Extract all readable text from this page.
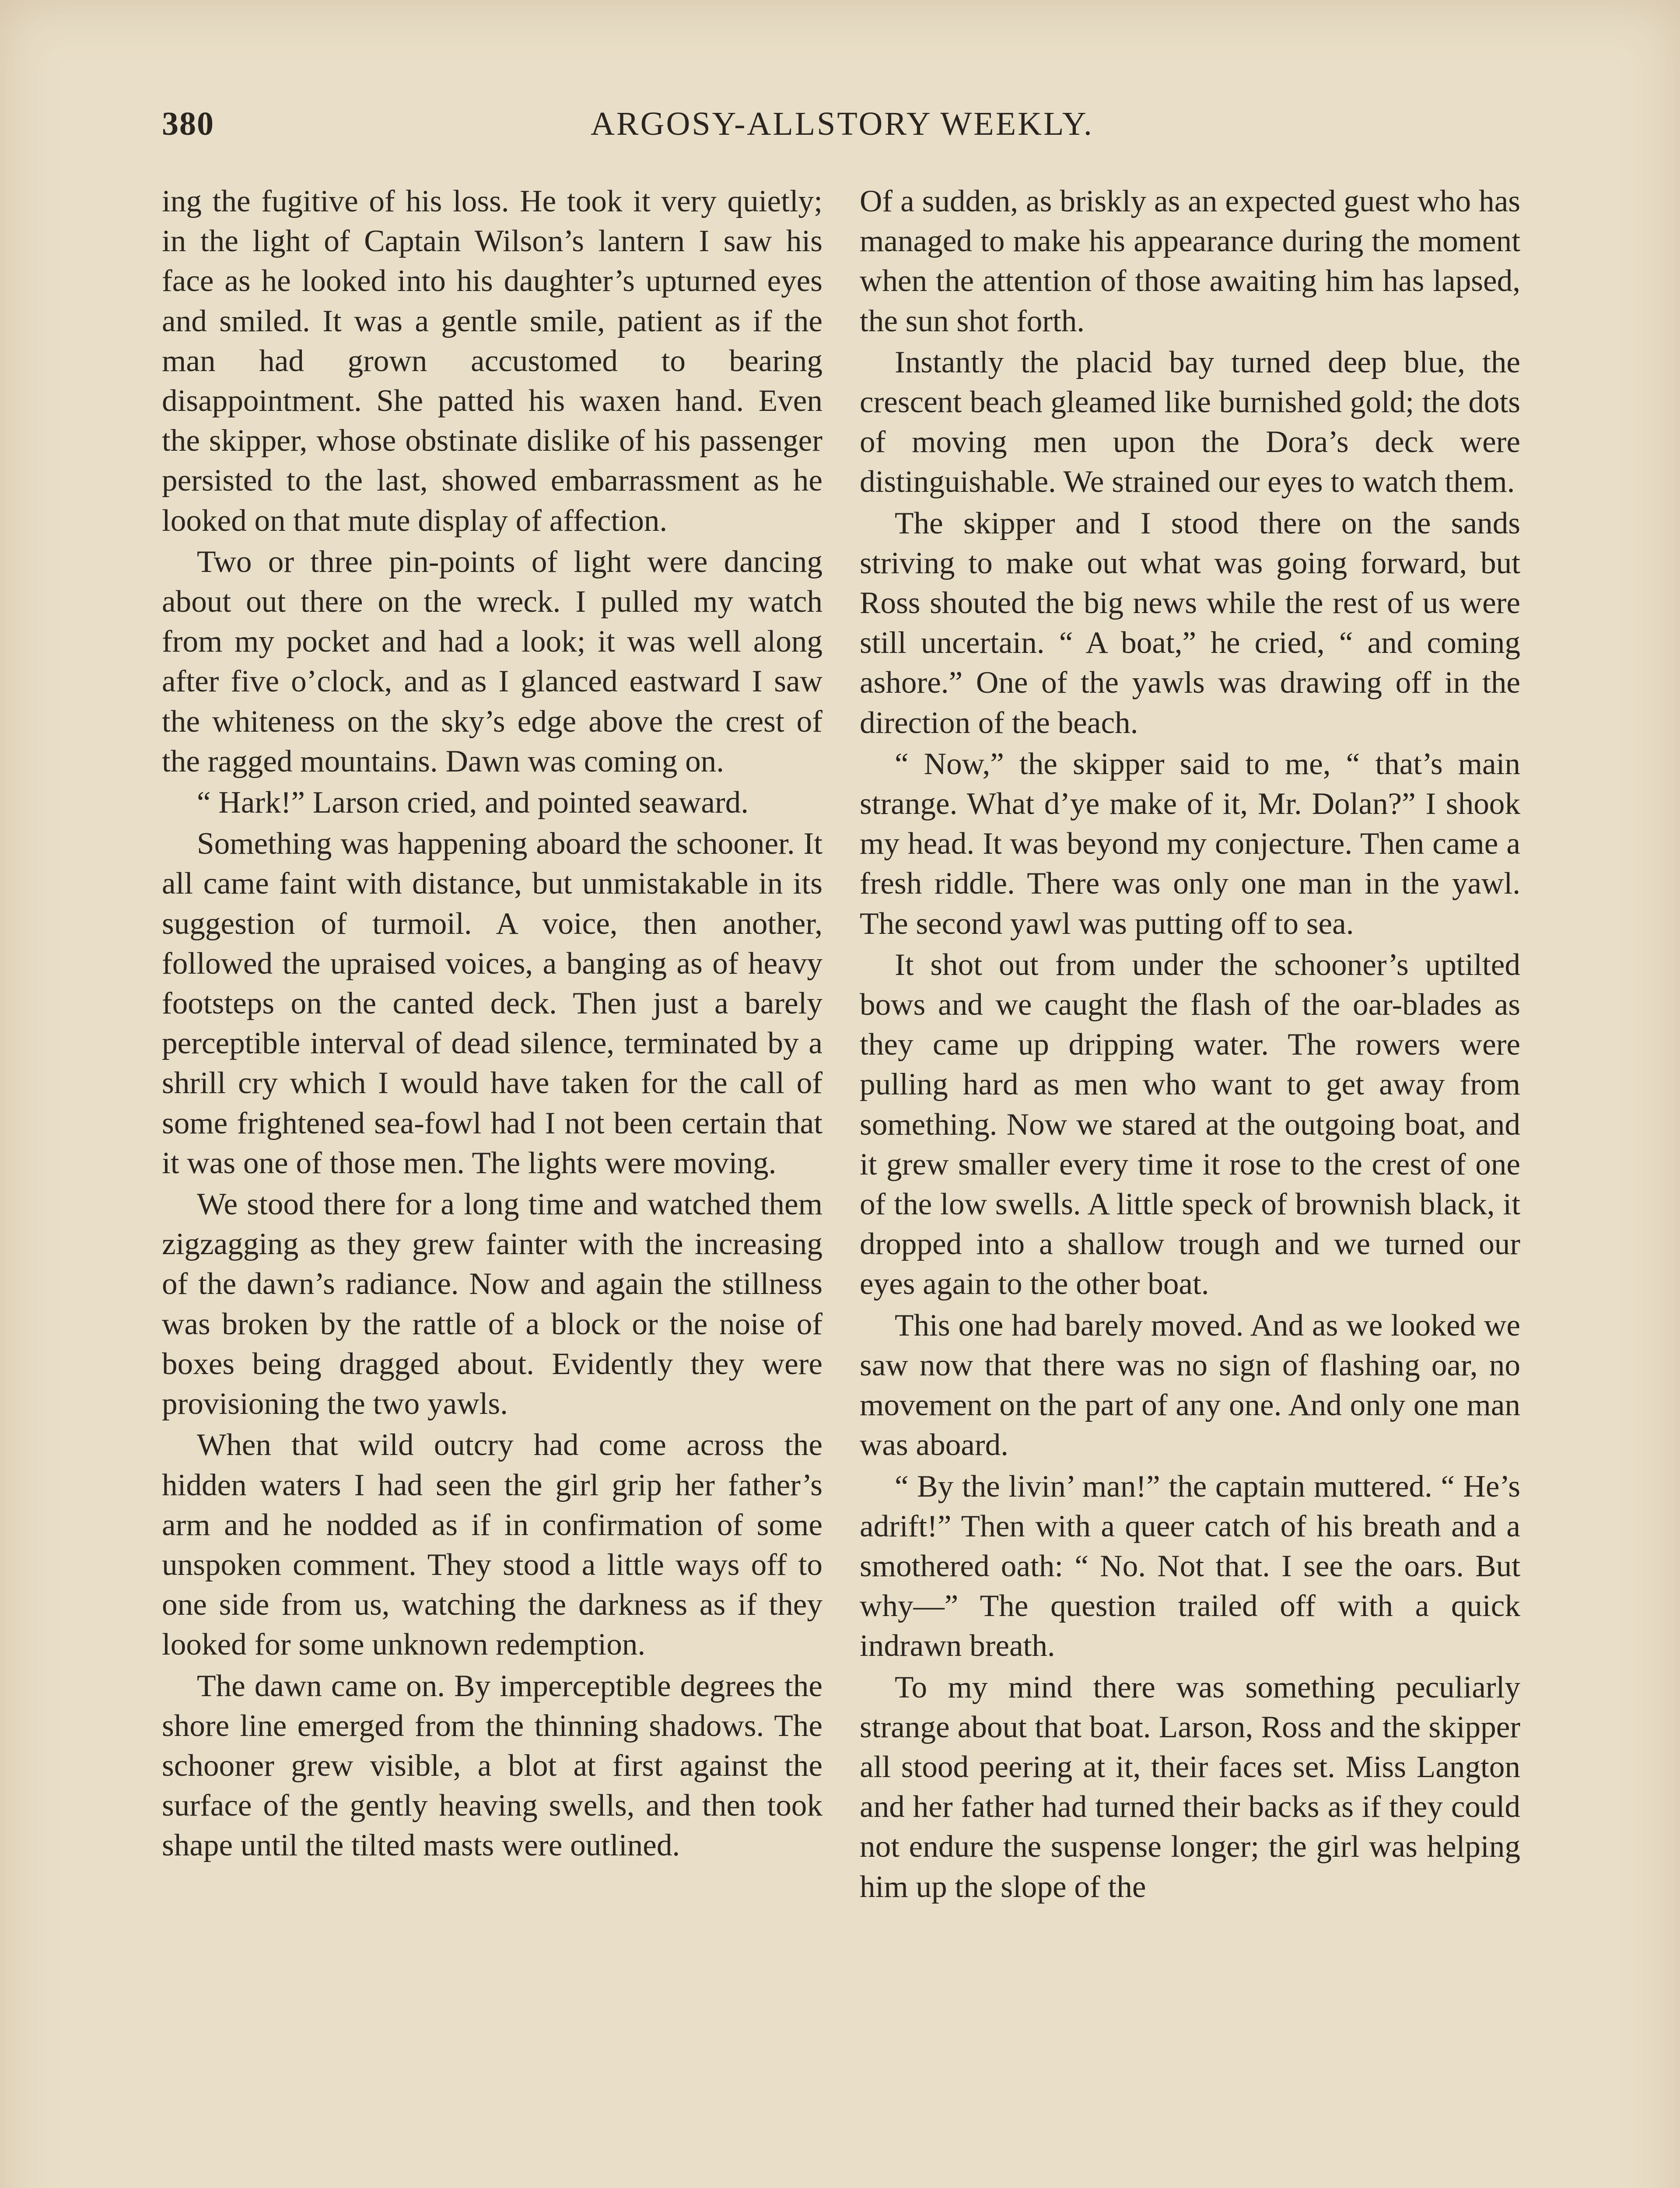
380	ARGOSY-ALLSTORY WEEKLY.

ing the fugitive of his loss. He took it very quietly; in the light of Captain Wilson’s lantern I saw his face as he looked into his daughter’s upturned eyes and smiled. It was a gentle smile, patient as if the man had grown accustomed to bearing disappointment. She patted his waxen hand. Even the skipper, whose obstinate dislike of his passenger persisted to the last, showed embarrassment as he looked on that mute display of affection.

Two or three pin-points of light were dancing about out there on the wreck. I pulled my watch from my pocket and had a look; it was well along after five o’clock, and as I glanced eastward I saw the whiteness on the sky’s edge above the crest of the ragged mountains. Dawn was coming on.

“ Hark!” Larson cried, and pointed seaward.

Something was happening aboard the schooner. It all came faint with distance, but unmistakable in its suggestion of turmoil. A voice, then another, followed the upraised voices, a banging as of heavy footsteps on the canted deck. Then just a barely perceptible interval of dead silence, terminated by a shrill cry which I would have taken for the call of some frightened sea-fowl had I not been certain that it was one of those men. The lights were moving.

We stood there for a long time and watched them zigzagging as they grew fainter with the increasing of the dawn’s radiance. Now and again the stillness was broken by the rattle of a block or the noise of boxes being dragged about. Evidently they were provisioning the two yawls.

When that wild outcry had come across the hidden waters I had seen the girl grip her father’s arm and he nodded as if in confirmation of some unspoken comment. They stood a little ways off to one side from us, watching the darkness as if they looked for some unknown redemption.

The dawn came on. By imperceptible degrees the shore line emerged from the thinning shadows. The schooner grew visible, a blot at first against the surface of the gently heaving swells, and then took shape until the tilted masts were outlined.

Of a sudden, as briskly as an expected guest who has managed to make his appearance during the moment when the attention of those awaiting him has lapsed, the sun shot forth.

Instantly the placid bay turned deep blue, the crescent beach gleamed like burnished gold; the dots of moving men upon the Dora’s deck were distinguishable. We strained our eyes to watch them.

The skipper and I stood there on the sands striving to make out what was going forward, but Ross shouted the big news while the rest of us were still uncertain. “ A boat,” he cried, “ and coming ashore.” One of the yawls was drawing off in the direction of the beach.

“ Now,” the skipper said to me, “ that’s main strange. What d’ye make of it, Mr. Dolan?” I shook my head. It was beyond my conjecture. Then came a fresh riddle. There was only one man in the yawl. The second yawl was putting off to sea.

It shot out from under the schooner’s uptilted bows and we caught the flash of the oar-blades as they came up dripping water. The rowers were pulling hard as men who want to get away from something. Now we stared at the outgoing boat, and it grew smaller every time it rose to the crest of one of the low swells. A little speck of brownish black, it dropped into a shallow trough and we turned our eyes again to the other boat.

This one had barely moved. And as we looked we saw now that there was no sign of flashing oar, no movement on the part of any one. And only one man was aboard.

“ By the livin’ man!” the captain muttered. “ He’s adrift!” Then with a queer catch of his breath and a smothered oath: “ No. Not that. I see the oars. But why—” The question trailed off with a quick indrawn breath.

To my mind there was something peculiarly strange about that boat. Larson, Ross and the skipper all stood peering at it, their faces set. Miss Langton and her father had turned their backs as if they could not endure the suspense longer; the girl was helping him up the slope of the
